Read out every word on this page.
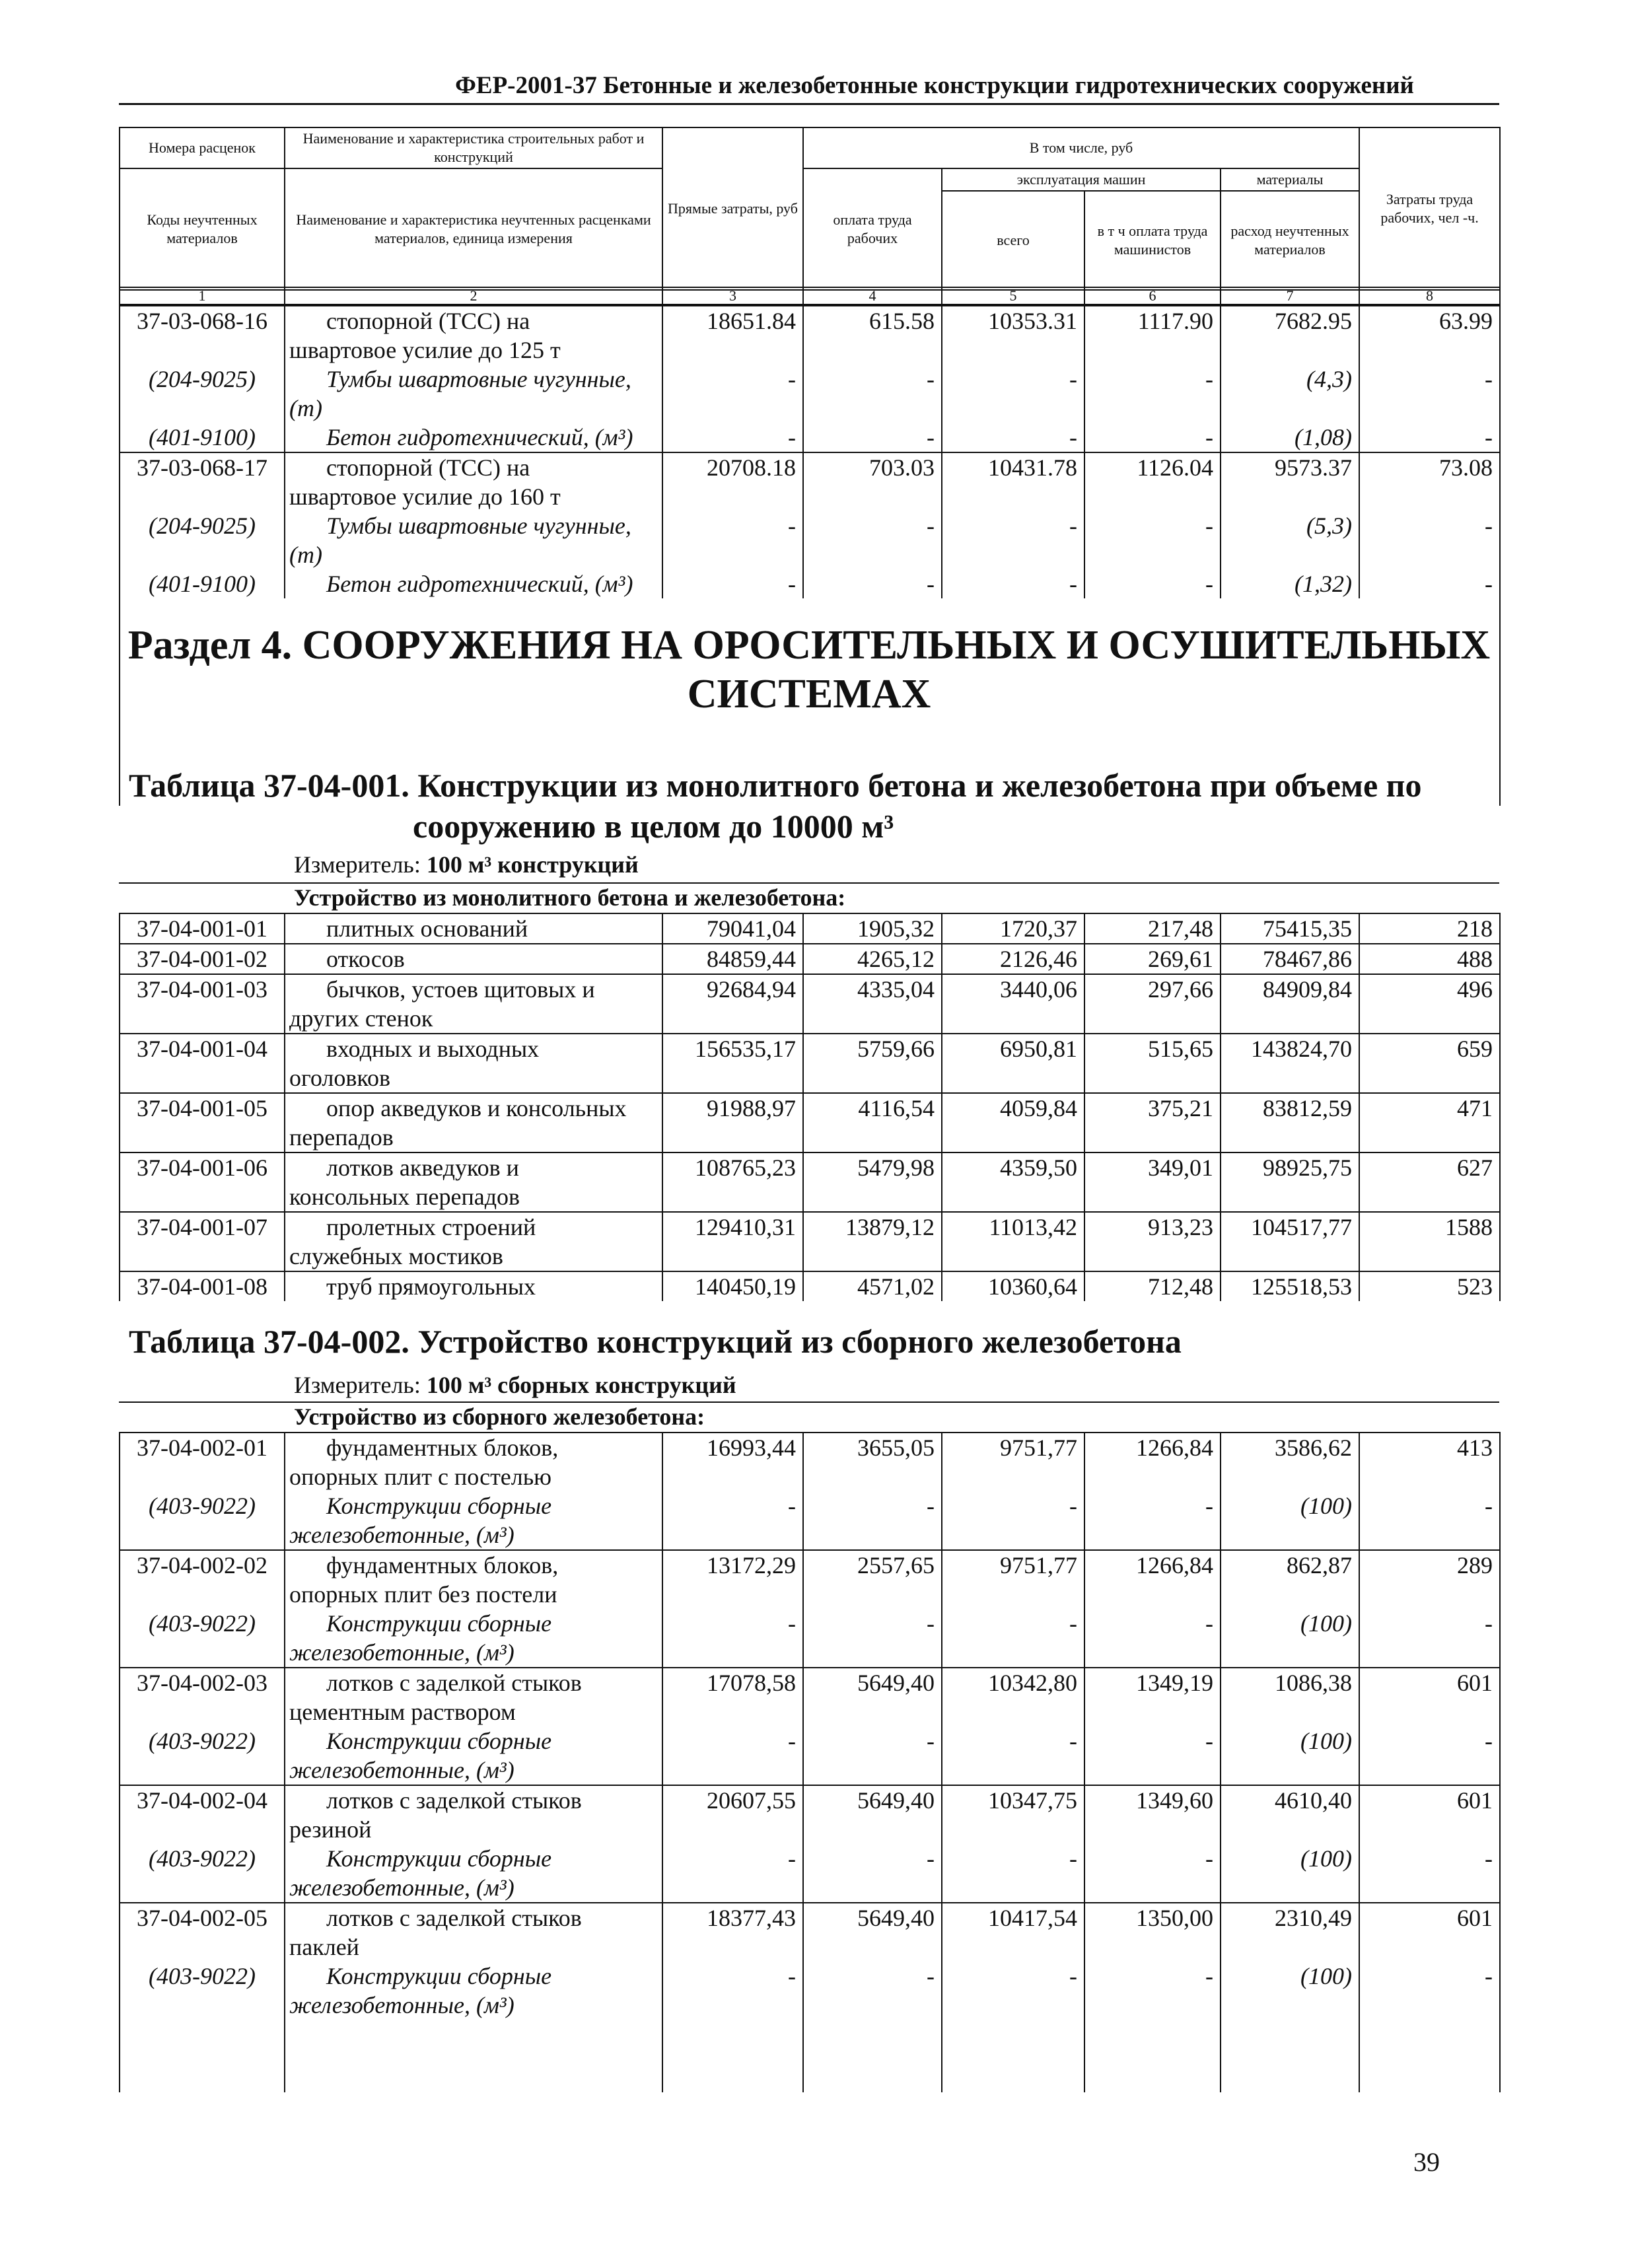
ФЕР-2001-37 Бетонные и железобетонные конструкции гидротехнических сооружений
Номера расценок	Наименование и характеристика строительных работ и конструкций	Прямые затраты, руб	В том числе, руб				Затраты труда рабочих, чел -ч.
Коды неучтенных материалов	Наименование и характеристика неучтенных расценками материалов, единица измерения		оплата труда рабочих	эксплуатация машин		материалы	
				всего	в т ч оплата труда машинистов	расход неучтенных материалов	
1	2	3	4	5	6	7	8
37-03-068-16	стопорной (ТСС) на
швартовое усилие до 125 т	18651.84	615.58	10353.31	1117.90	7682.95	63.99
(204-9025)	Тумбы швартовные чугунные,
(т)	-	-	-	-	(4,3)	-
(401-9100)	Бетон гидротехнический, (м³)	-	-	-	-	(1,08)	-
37-03-068-17	стопорной (ТСС) на
швартовое усилие до 160 т	20708.18	703.03	10431.78	1126.04	9573.37	73.08
(204-9025)	Тумбы швартовные чугунные,
(т)	-	-	-	-	(5,3)	-
(401-9100)	Бетон гидротехнический, (м³)	-	-	-	-	(1,32)	-
Раздел 4. СООРУЖЕНИЯ НА ОРОСИТЕЛЬНЫХ И ОСУШИТЕЛЬНЫХ
СИСТЕМАХ
Таблица 37-04-001. Конструкции из монолитного бетона и железобетона при объеме по
сооружению в целом до 10000 м³
Измеритель: 100 м³ конструкций
Устройство из монолитного бетона и железобетона:
37-04-001-01	плитных оснований	79041,04	1905,32	1720,37	217,48	75415,35	218
37-04-001-02	откосов	84859,44	4265,12	2126,46	269,61	78467,86	488
37-04-001-03	бычков, устоев щитовых и
других стенок	92684,94	4335,04	3440,06	297,66	84909,84	496
37-04-001-04	входных и выходных
оголовков	156535,17	5759,66	6950,81	515,65	143824,70	659
37-04-001-05	опор акведуков и консольных
перепадов	91988,97	4116,54	4059,84	375,21	83812,59	471
37-04-001-06	лотков акведуков и
консольных перепадов	108765,23	5479,98	4359,50	349,01	98925,75	627
37-04-001-07	пролетных строений
служебных мостиков	129410,31	13879,12	11013,42	913,23	104517,77	1588
37-04-001-08	труб прямоугольных	140450,19	4571,02	10360,64	712,48	125518,53	523
Таблица 37-04-002. Устройство конструкций из сборного железобетона
Измеритель: 100 м³ сборных конструкций
Устройство из сборного железобетона:
37-04-002-01	фундаментных блоков,
опорных плит с постелью	16993,44	3655,05	9751,77	1266,84	3586,62	413
(403-9022)	Конструкции сборные
железобетонные, (м³)	-	-	-	-	(100)	-
37-04-002-02	фундаментных блоков,
опорных плит без постели	13172,29	2557,65	9751,77	1266,84	862,87	289
(403-9022)	Конструкции сборные
железобетонные, (м³)	-	-	-	-	(100)	-
37-04-002-03	лотков с заделкой стыков
цементным раствором	17078,58	5649,40	10342,80	1349,19	1086,38	601
(403-9022)	Конструкции сборные
железобетонные, (м³)	-	-	-	-	(100)	-
37-04-002-04	лотков с заделкой стыков
резиной	20607,55	5649,40	10347,75	1349,60	4610,40	601
(403-9022)	Конструкции сборные
железобетонные, (м³)	-	-	-	-	(100)	-
37-04-002-05	лотков с заделкой стыков
паклей	18377,43	5649,40	10417,54	1350,00	2310,49	601
(403-9022)	Конструкции сборные
железобетонные, (м³)	-	-	-	-	(100)	-

39
